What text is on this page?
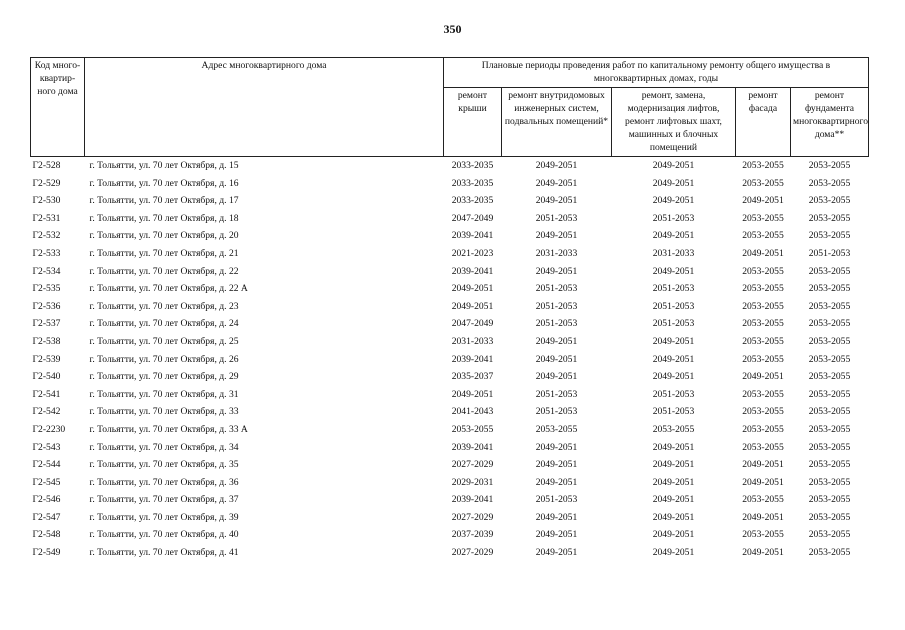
350
Код много-квартир-ного дома	Адрес многоквартирного дома	Плановые периоды проведения работ по капитальному ремонту общего имущества в многоквартирных домах, годы				
		ремонт крыши	ремонт внутридомовых инженерных систем, подвальных помещений*	ремонт, замена, модернизация лифтов, ремонт лифтовых шахт, машинных и блочных помещений	ремонт фасада	ремонт фундамента многоквартирного дома**
Г2-528	г. Тольятти, ул. 70 лет Октября, д. 15	2033-2035	2049-2051	2049-2051	2053-2055	2053-2055
Г2-529	г. Тольятти, ул. 70 лет Октября, д. 16	2033-2035	2049-2051	2049-2051	2053-2055	2053-2055
Г2-530	г. Тольятти, ул. 70 лет Октября, д. 17	2033-2035	2049-2051	2049-2051	2049-2051	2053-2055
Г2-531	г. Тольятти, ул. 70 лет Октября, д. 18	2047-2049	2051-2053	2051-2053	2053-2055	2053-2055
Г2-532	г. Тольятти, ул. 70 лет Октября, д. 20	2039-2041	2049-2051	2049-2051	2053-2055	2053-2055
Г2-533	г. Тольятти, ул. 70 лет Октября, д. 21	2021-2023	2031-2033	2031-2033	2049-2051	2051-2053
Г2-534	г. Тольятти, ул. 70 лет Октября, д. 22	2039-2041	2049-2051	2049-2051	2053-2055	2053-2055
Г2-535	г. Тольятти, ул. 70 лет Октября, д. 22 А	2049-2051	2051-2053	2051-2053	2053-2055	2053-2055
Г2-536	г. Тольятти, ул. 70 лет Октября, д. 23	2049-2051	2051-2053	2051-2053	2053-2055	2053-2055
Г2-537	г. Тольятти, ул. 70 лет Октября, д. 24	2047-2049	2051-2053	2051-2053	2053-2055	2053-2055
Г2-538	г. Тольятти, ул. 70 лет Октября, д. 25	2031-2033	2049-2051	2049-2051	2053-2055	2053-2055
Г2-539	г. Тольятти, ул. 70 лет Октября, д. 26	2039-2041	2049-2051	2049-2051	2053-2055	2053-2055
Г2-540	г. Тольятти, ул. 70 лет Октября, д. 29	2035-2037	2049-2051	2049-2051	2049-2051	2053-2055
Г2-541	г. Тольятти, ул. 70 лет Октября, д. 31	2049-2051	2051-2053	2051-2053	2053-2055	2053-2055
Г2-542	г. Тольятти, ул. 70 лет Октября, д. 33	2041-2043	2051-2053	2051-2053	2053-2055	2053-2055
Г2-2230	г. Тольятти, ул. 70 лет Октября, д. 33 А	2053-2055	2053-2055	2053-2055	2053-2055	2053-2055
Г2-543	г. Тольятти, ул. 70 лет Октября, д. 34	2039-2041	2049-2051	2049-2051	2053-2055	2053-2055
Г2-544	г. Тольятти, ул. 70 лет Октября, д. 35	2027-2029	2049-2051	2049-2051	2049-2051	2053-2055
Г2-545	г. Тольятти, ул. 70 лет Октября, д. 36	2029-2031	2049-2051	2049-2051	2049-2051	2053-2055
Г2-546	г. Тольятти, ул. 70 лет Октября, д. 37	2039-2041	2051-2053	2049-2051	2053-2055	2053-2055
Г2-547	г. Тольятти, ул. 70 лет Октября, д. 39	2027-2029	2049-2051	2049-2051	2049-2051	2053-2055
Г2-548	г. Тольятти, ул. 70 лет Октября, д. 40	2037-2039	2049-2051	2049-2051	2053-2055	2053-2055
Г2-549	г. Тольятти, ул. 70 лет Октября, д. 41	2027-2029	2049-2051	2049-2051	2049-2051	2053-2055
